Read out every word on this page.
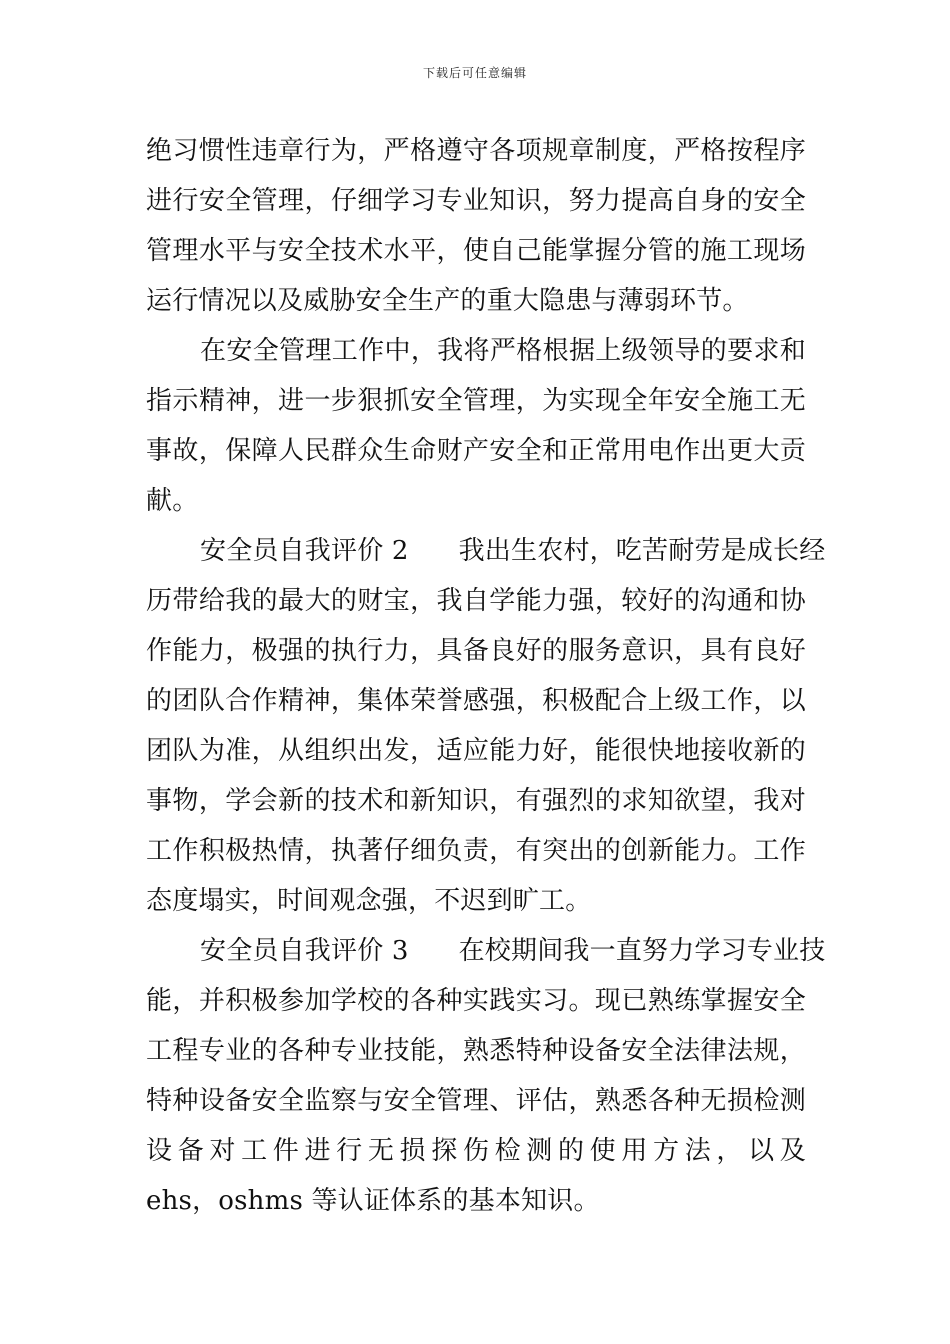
下载后可任意编辑
绝习惯性违章行为，严格遵守各项规章制度，严格按程序
进行安全管理，仔细学习专业知识，努力提高自身的安全
管理水平与安全技术水平，使自己能掌握分管的施工现场
运行情况以及威胁安全生产的重大隐患与薄弱环节。
在安全管理工作中，我将严格根据上级领导的要求和
指示精神，进一步狠抓安全管理，为实现全年安全施工无
事故，保障人民群众生命财产安全和正常用电作出更大贡
献。
安全员自我评价 2 我出生农村，吃苦耐劳是成长经
历带给我的最大的财宝，我自学能力强，较好的沟通和协
作能力，极强的执行力，具备良好的服务意识，具有良好
的团队合作精神，集体荣誉感强，积极配合上级工作，以
团队为准，从组织出发，适应能力好，能很快地接收新的
事物，学会新的技术和新知识，有强烈的求知欲望，我对
工作积极热情，执著仔细负责，有突出的创新能力。工作
态度塌实，时间观念强，不迟到旷工。
安全员自我评价 3 在校期间我一直努力学习专业技
能，并积极参加学校的各种实践实习。现已熟练掌握安全
工程专业的各种专业技能，熟悉特种设备安全法律法规，
特种设备安全监察与安全管理、评估，熟悉各种无损检测
设备对工件进行无损探伤检测的使用方法，以及
ehs，oshms 等认证体系的基本知识。
